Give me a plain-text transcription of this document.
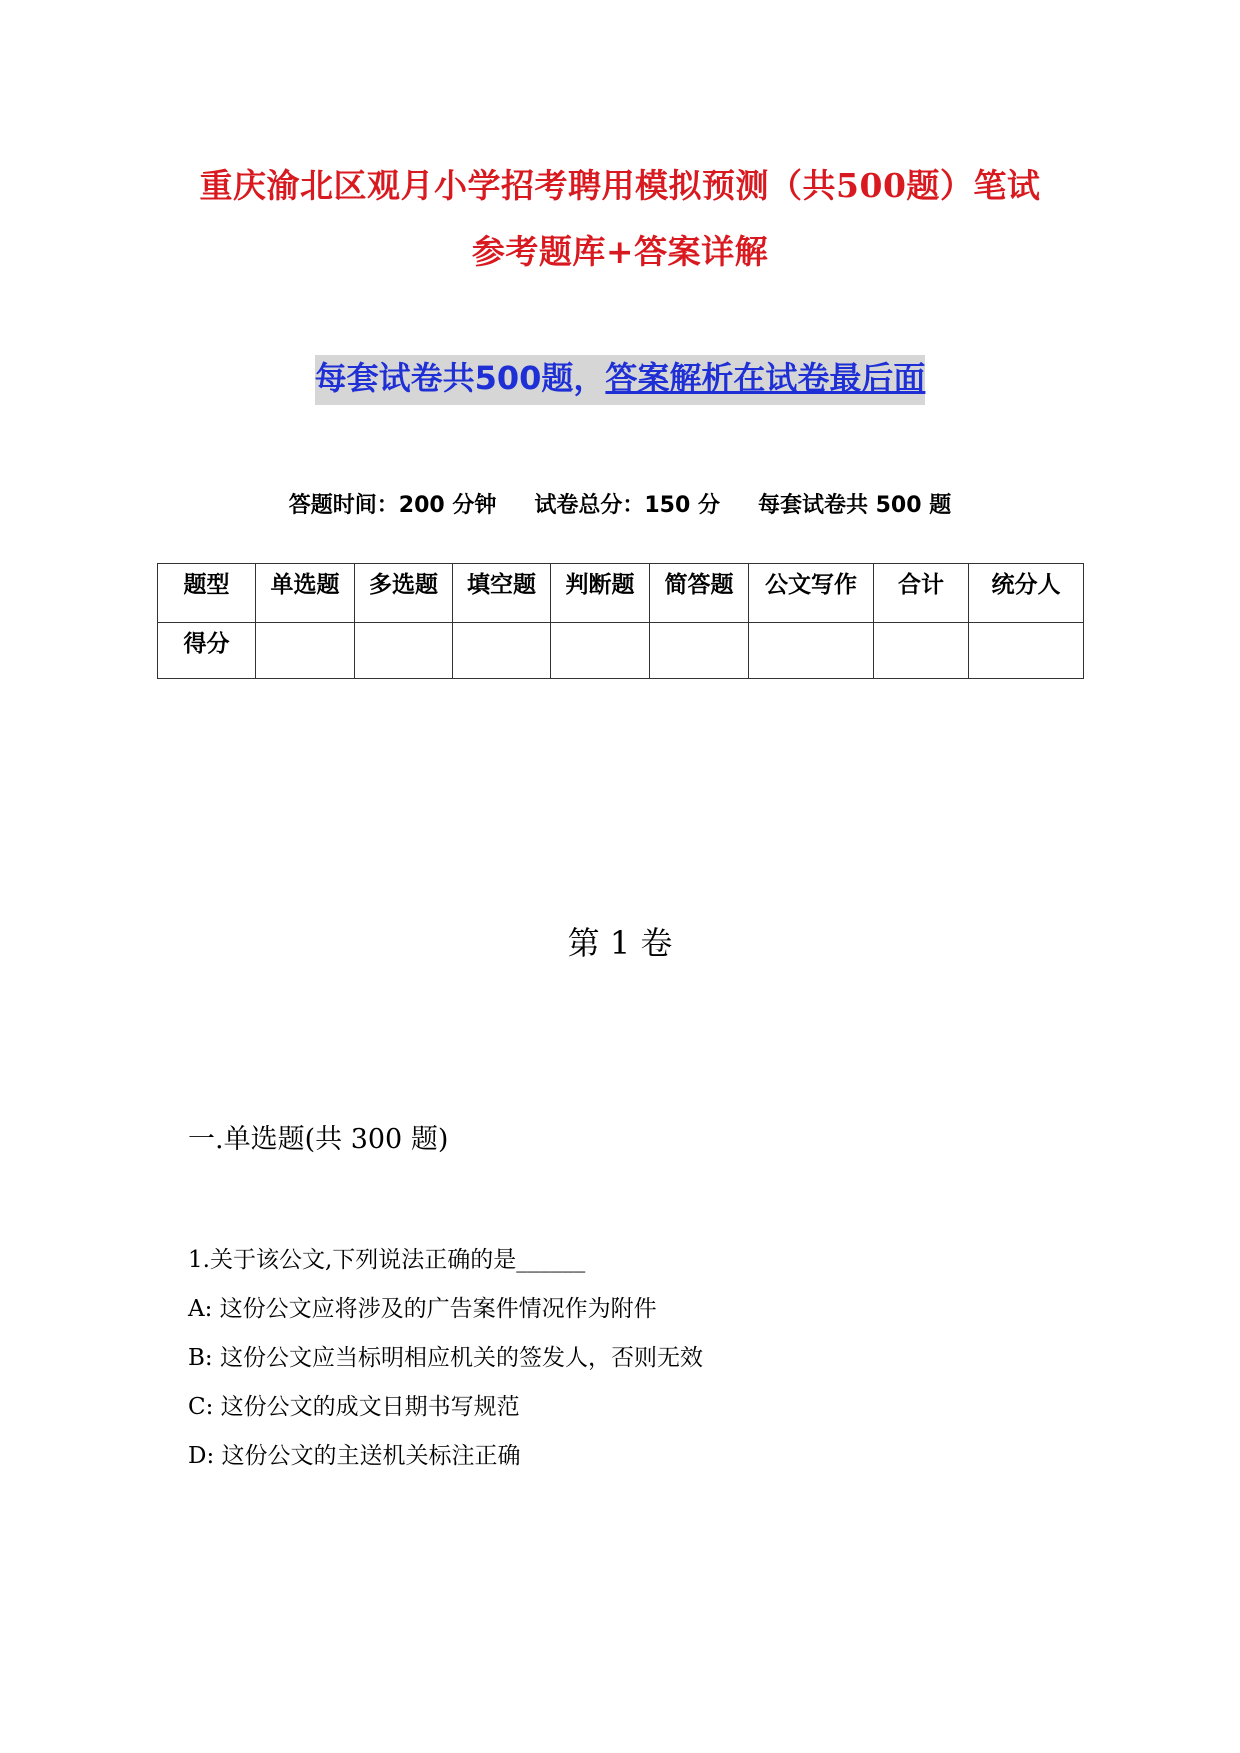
重庆渝北区观月小学招考聘用模拟预测（共500题）笔试
参考题库+答案详解
每套试卷共500题，答案解析在试卷最后面
答题时间：200 分钟 试卷总分：150 分 每套试卷共 500 题
题型	单选题	多选题	填空题	判断题	简答题	公文写作	合计	统分人
得分								
第 1 卷
一.单选题(共 300 题)
1.关于该公文,下列说法正确的是______
A: 这份公文应将涉及的广告案件情况作为附件
B: 这份公文应当标明相应机关的签发人，否则无效
C: 这份公文的成文日期书写规范
D: 这份公文的主送机关标注正确
